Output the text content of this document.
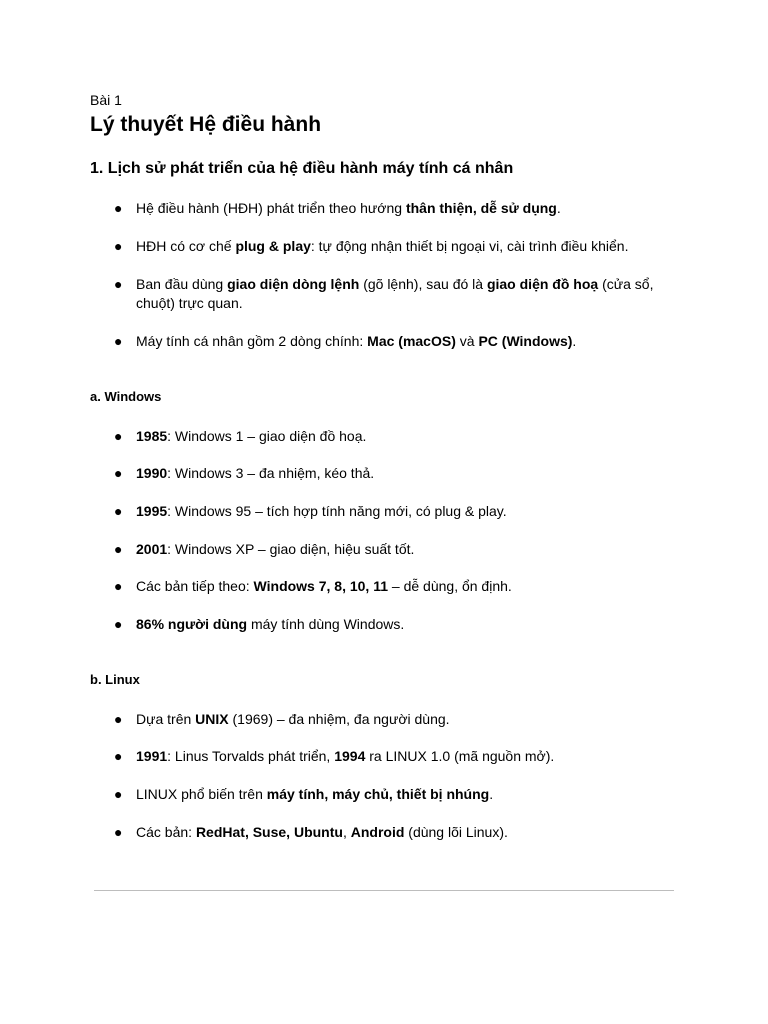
Bài 1
Lý thuyết Hệ điều hành
1. Lịch sử phát triển của hệ điều hành máy tính cá nhân
● Hệ điều hành (HĐH) phát triển theo hướng thân thiện, dễ sử dụng.
● HĐH có cơ chế plug & play: tự động nhận thiết bị ngoại vi, cài trình điều khiển.
● Ban đầu dùng giao diện dòng lệnh (gõ lệnh), sau đó là giao diện đồ hoạ (cửa sổ, chuột) trực quan.
● Máy tính cá nhân gồm 2 dòng chính: Mac (macOS) và PC (Windows).
a. Windows
● 1985: Windows 1 – giao diện đồ hoạ.
● 1990: Windows 3 – đa nhiệm, kéo thả.
● 1995: Windows 95 – tích hợp tính năng mới, có plug & play.
● 2001: Windows XP – giao diện, hiệu suất tốt.
● Các bản tiếp theo: Windows 7, 8, 10, 11 – dễ dùng, ổn định.
● 86% người dùng máy tính dùng Windows.
b. Linux
● Dựa trên UNIX (1969) – đa nhiệm, đa người dùng.
● 1991: Linus Torvalds phát triển, 1994 ra LINUX 1.0 (mã nguồn mở).
● LINUX phổ biến trên máy tính, máy chủ, thiết bị nhúng.
● Các bản: RedHat, Suse, Ubuntu, Android (dùng lõi Linux).
